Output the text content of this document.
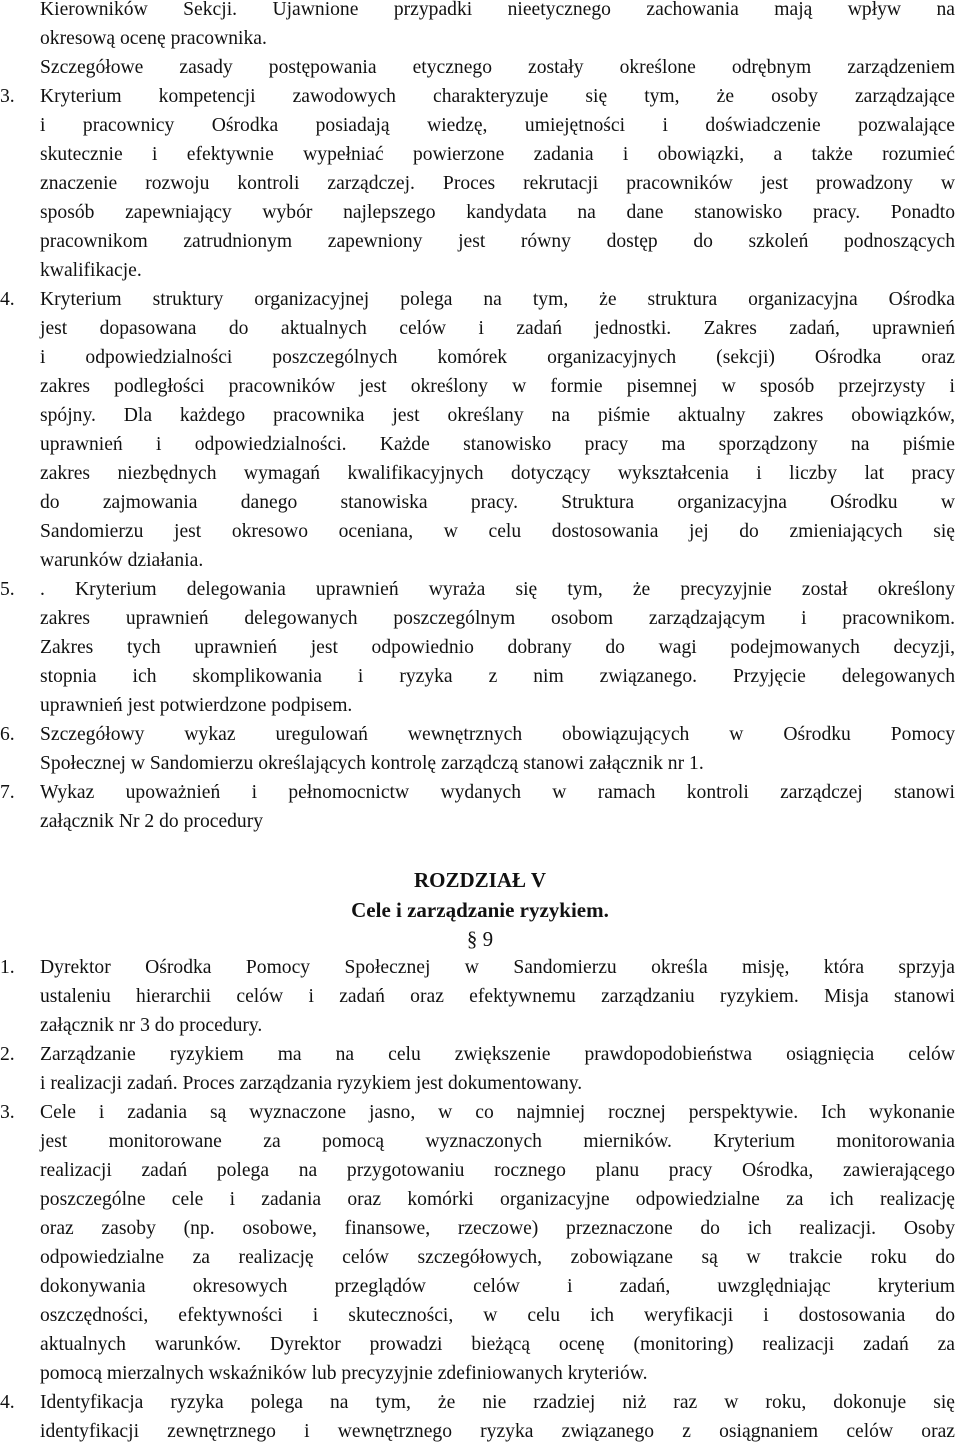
Kierowników Sekcji. Ujawnione przypadki nieetycznego zachowania mają wpływ na
okresową ocenę pracownika.
Szczegółowe zasady postępowania etycznego zostały określone odrębnym zarządzeniem
3. Kryterium kompetencji zawodowych charakteryzuje się tym, że osoby zarządzające
i pracownicy Ośrodka posiadają wiedzę, umiejętności i doświadczenie pozwalające
skutecznie i efektywnie wypełniać powierzone zadania i obowiązki, a także rozumieć
znaczenie rozwoju kontroli zarządczej. Proces rekrutacji pracowników jest prowadzony w
sposób zapewniający wybór najlepszego kandydata na dane stanowisko pracy. Ponadto
pracownikom zatrudnionym zapewniony jest równy dostęp do szkoleń podnoszących
kwalifikacje.
4. Kryterium struktury organizacyjnej polega na tym, że struktura organizacyjna Ośrodka
jest dopasowana do aktualnych celów i zadań jednostki. Zakres zadań, uprawnień
i odpowiedzialności poszczególnych komórek organizacyjnych (sekcji) Ośrodka oraz
zakres podległości pracowników jest określony w formie pisemnej w sposób przejrzysty i
spójny. Dla każdego pracownika jest określany na piśmie aktualny zakres obowiązków,
uprawnień i odpowiedzialności. Każde stanowisko pracy ma sporządzony na piśmie
zakres niezbędnych wymagań kwalifikacyjnych dotyczący wykształcenia i liczby lat pracy
do zajmowania danego stanowiska pracy. Struktura organizacyjna Ośrodku w
Sandomierzu jest okresowo oceniana, w celu dostosowania jej do zmieniających się
warunków działania.
5. . Kryterium delegowania uprawnień wyraża się tym, że precyzyjnie został określony
zakres uprawnień delegowanych poszczególnym osobom zarządzającym i pracownikom.
Zakres tych uprawnień jest odpowiednio dobrany do wagi podejmowanych decyzji,
stopnia ich skomplikowania i ryzyka z nim związanego. Przyjęcie delegowanych
uprawnień jest potwierdzone podpisem.
6. Szczegółowy wykaz uregulowań wewnętrznych obowiązujących w Ośrodku Pomocy
Społecznej w Sandomierzu określających kontrolę zarządczą stanowi załącznik nr 1.
7. Wykaz upoważnień i pełnomocnictw wydanych w ramach kontroli zarządczej stanowi
załącznik Nr 2 do procedury
ROZDZIAŁ V
Cele i zarządzanie ryzykiem.
§ 9
1. Dyrektor Ośrodka Pomocy Społecznej w Sandomierzu określa misję, która sprzyja
ustaleniu hierarchii celów i zadań oraz efektywnemu zarządzaniu ryzykiem. Misja stanowi
załącznik nr 3 do procedury.
2. Zarządzanie ryzykiem ma na celu zwiększenie prawdopodobieństwa osiągnięcia celów
i realizacji zadań. Proces zarządzania ryzykiem jest dokumentowany.
3. Cele i zadania są wyznaczone jasno, w co najmniej rocznej perspektywie. Ich wykonanie
jest monitorowane za pomocą wyznaczonych mierników. Kryterium monitorowania
realizacji zadań polega na przygotowaniu rocznego planu pracy Ośrodka, zawierającego
poszczególne cele i zadania oraz komórki organizacyjne odpowiedzialne za ich realizację
oraz zasoby (np. osobowe, finansowe, rzeczowe) przeznaczone do ich realizacji. Osoby
odpowiedzialne za realizację celów szczegółowych, zobowiązane są w trakcie roku do
dokonywania okresowych przeglądów celów i zadań, uwzględniając kryterium
oszczędności, efektywności i skuteczności, w celu ich weryfikacji i dostosowania do
aktualnych warunków. Dyrektor prowadzi bieżącą ocenę (monitoring) realizacji zadań za
pomocą mierzalnych wskaźników lub precyzyjnie zdefiniowanych kryteriów.
4. Identyfikacja ryzyka polega na tym, że nie rzadziej niż raz w roku, dokonuje się
identyfikacji zewnętrznego i wewnętrznego ryzyka związanego z osiągnaniem celów oraz
